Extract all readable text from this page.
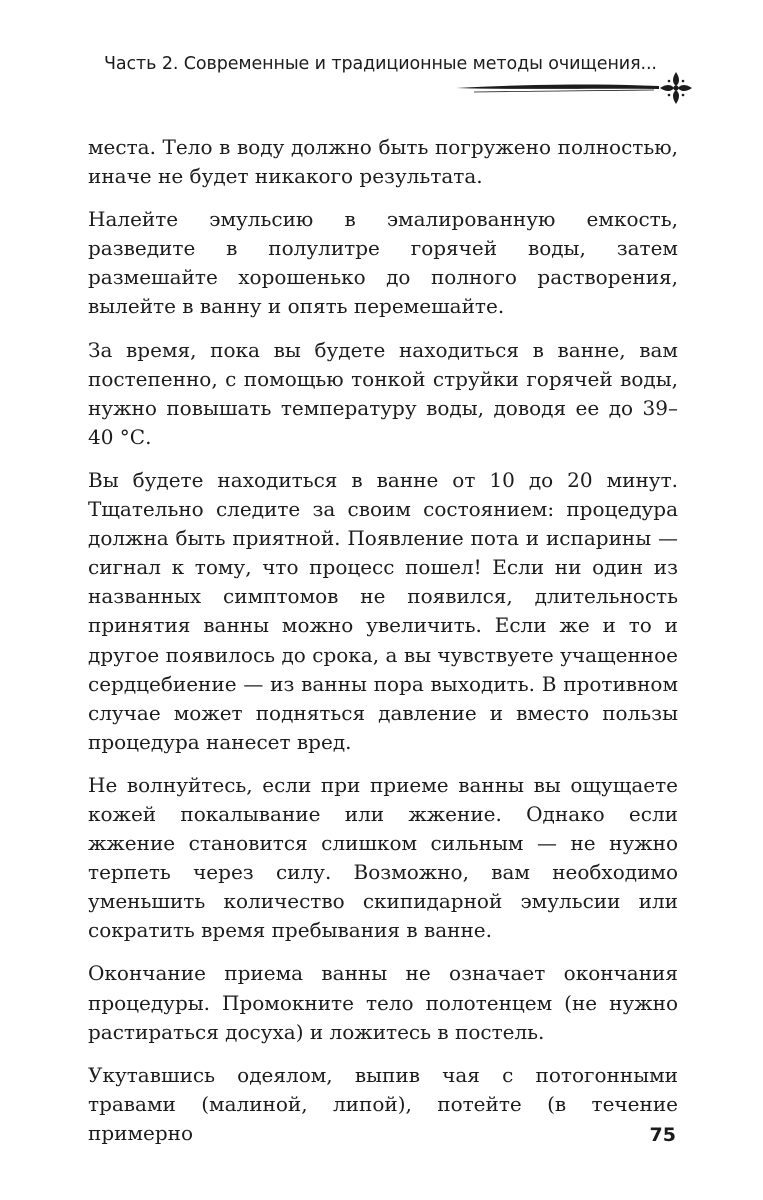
Часть 2. Современные и традиционные методы очищения...

места. Тело в воду должно быть погружено полностью, иначе не будет никакого результата.

Налейте эмульсию в эмалированную емкость, разведите в полулитре горячей воды, затем размешайте хорошенько до полного растворения, вылейте в ванну и опять перемешайте.

За время, пока вы будете находиться в ванне, вам постепенно, с помощью тонкой струйки горячей воды, нужно повышать температуру воды, доводя ее до 39–40 °С.

Вы будете находиться в ванне от 10 до 20 минут. Тщательно следите за своим состоянием: процедура должна быть приятной. Появление пота и испарины — сигнал к тому, что процесс пошел! Если ни один из названных симптомов не появился, длительность принятия ванны можно увеличить. Если же и то и другое появилось до срока, а вы чувствуете учащенное сердцебиение — из ванны пора выходить. В противном случае может подняться давление и вместо пользы процедура нанесет вред.

Не волнуйтесь, если при приеме ванны вы ощущаете кожей покалывание или жжение. Однако если жжение становится слишком сильным — не нужно терпеть через силу. Возможно, вам необходимо уменьшить количество скипидарной эмульсии или сократить время пребывания в ванне.

Окончание приема ванны не означает окончания процедуры. Промокните тело полотенцем (не нужно растираться досуха) и ложитесь в постель.

Укутавшись одеялом, выпив чая с потогонными травами (малиной, липой), потейте (в течение примерно	75
